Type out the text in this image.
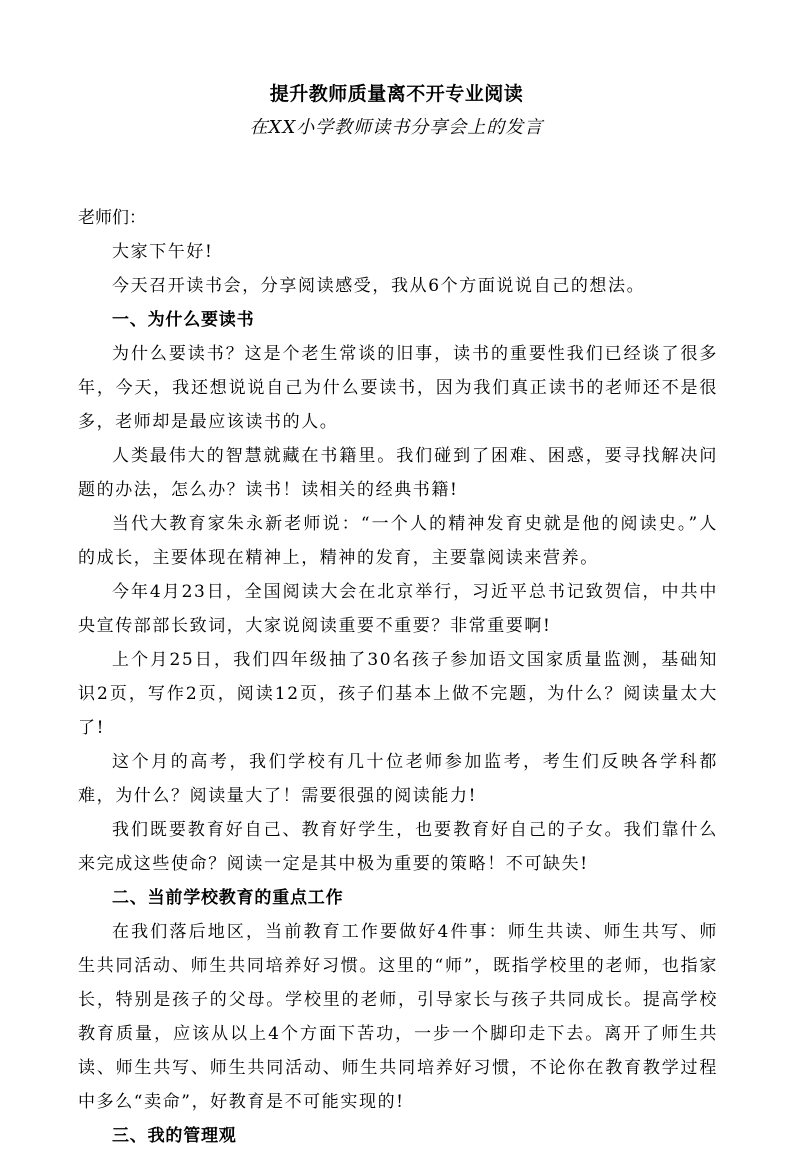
提升教师质量离不开专业阅读
在XX小学教师读书分享会上的发言

老师们：

大家下午好!

今天召开读书会，分享阅读感受，我从6个方面说说自己的想法。

一、为什么要读书

为什么要读书？这是个老生常谈的旧事，读书的重要性我们已经谈了很多年，今天，我还想说说自己为什么要读书，因为我们真正读书的老师还不是很多，老师却是最应该读书的人。

人类最伟大的智慧就藏在书籍里。我们碰到了困难、困惑，要寻找解决问题的办法，怎么办？读书！读相关的经典书籍!

当代大教育家朱永新老师说：“一个人的精神发育史就是他的阅读史。”人的成长，主要体现在精神上，精神的发育，主要靠阅读来营养。

今年4月23日，全国阅读大会在北京举行，习近平总书记致贺信，中共中央宣传部部长致词，大家说阅读重要不重要？非常重要啊!

上个月25日，我们四年级抽了30名孩子参加语文国家质量监测，基础知识2页，写作2页，阅读12页，孩子们基本上做不完题，为什么？阅读量太大了!

这个月的高考，我们学校有几十位老师参加监考，考生们反映各学科都难，为什么？阅读量大了！需要很强的阅读能力!

我们既要教育好自己、教育好学生，也要教育好自己的子女。我们靠什么来完成这些使命？阅读一定是其中极为重要的策略！不可缺失!

二、当前学校教育的重点工作

在我们落后地区，当前教育工作要做好4件事：师生共读、师生共写、师生共同活动、师生共同培养好习惯。这里的“师”，既指学校里的老师，也指家长，特别是孩子的父母。学校里的老师，引导家长与孩子共同成长。提高学校教育质量，应该从以上4个方面下苦功，一步一个脚印走下去。离开了师生共读、师生共写、师生共同活动、师生共同培养好习惯，不论你在教育教学过程中多么“卖命”，好教育是不可能实现的!

三、我的管理观
